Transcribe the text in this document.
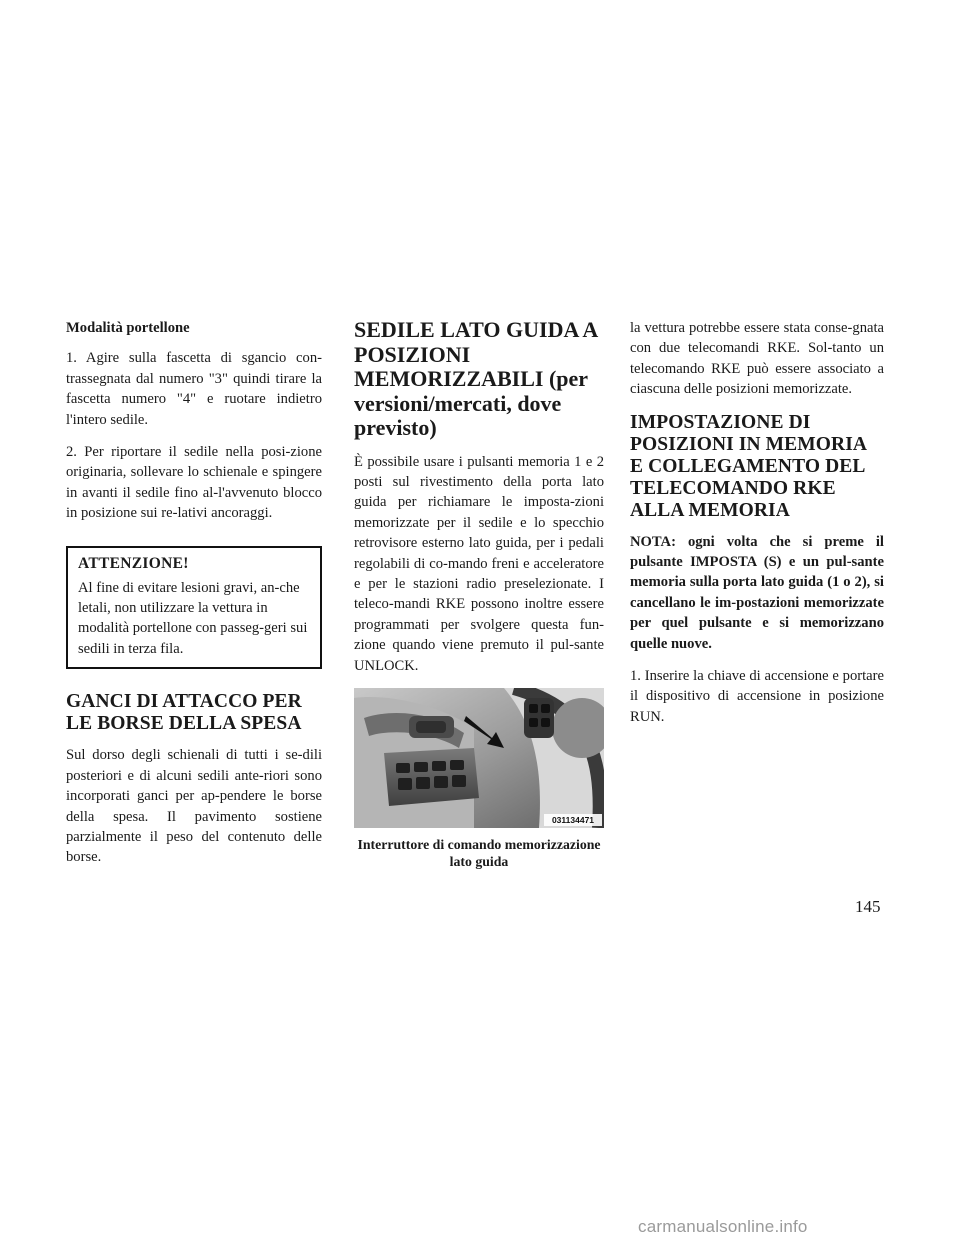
Modalità portellone

1. Agire sulla fascetta di sgancio con-trassegnata dal numero "3" quindi tirare la fascetta numero "4" e ruotare indietro l'intero sedile.

2. Per riportare il sedile nella posi-zione originaria, sollevare lo schienale e spingere in avanti il sedile fino al-l'avvenuto blocco in posizione sui re-lativi ancoraggi.

ATTENZIONE!

Al fine di evitare lesioni gravi, an-che letali, non utilizzare la vettura in modalità portellone con passeg-geri sui sedili in terza fila.

GANCI DI ATTACCO PER LE BORSE DELLA SPESA

Sul dorso degli schienali di tutti i se-dili posteriori e di alcuni sedili ante-riori sono incorporati ganci per ap-pendere le borse della spesa. Il pavimento sostiene parzialmente il peso del contenuto delle borse.

SEDILE LATO GUIDA A POSIZIONI MEMORIZZABILI (per versioni/mercati, dove previsto)

È possibile usare i pulsanti memoria 1 e 2 posti sul rivestimento della porta lato guida per richiamare le imposta-zioni memorizzate per il sedile e lo specchio retrovisore esterno lato guida, per i pedali regolabili di co-mando freni e acceleratore e per le stazioni radio preselezionate. I teleco-mandi RKE possono inoltre essere programmati per svolgere questa fun-zione quando viene premuto il pul-sante UNLOCK.

031134471
Interruttore di comando memorizzazione lato guida

la vettura potrebbe essere stata conse-gnata con due telecomandi RKE. Sol-tanto un telecomando RKE può essere associato a ciascuna delle posizioni memorizzate.

IMPOSTAZIONE DI POSIZIONI IN MEMORIA E COLLEGAMENTO DEL TELECOMANDO RKE ALLA MEMORIA

NOTA: ogni volta che si preme il pulsante IMPOSTA (S) e un pul-sante memoria sulla porta lato guida (1 o 2), si cancellano le im-postazioni memorizzate per quel pulsante e si memorizzano quelle nuove.

1. Inserire la chiave di accensione e portare il dispositivo di accensione in posizione RUN.

145
carmanualsonline.info
